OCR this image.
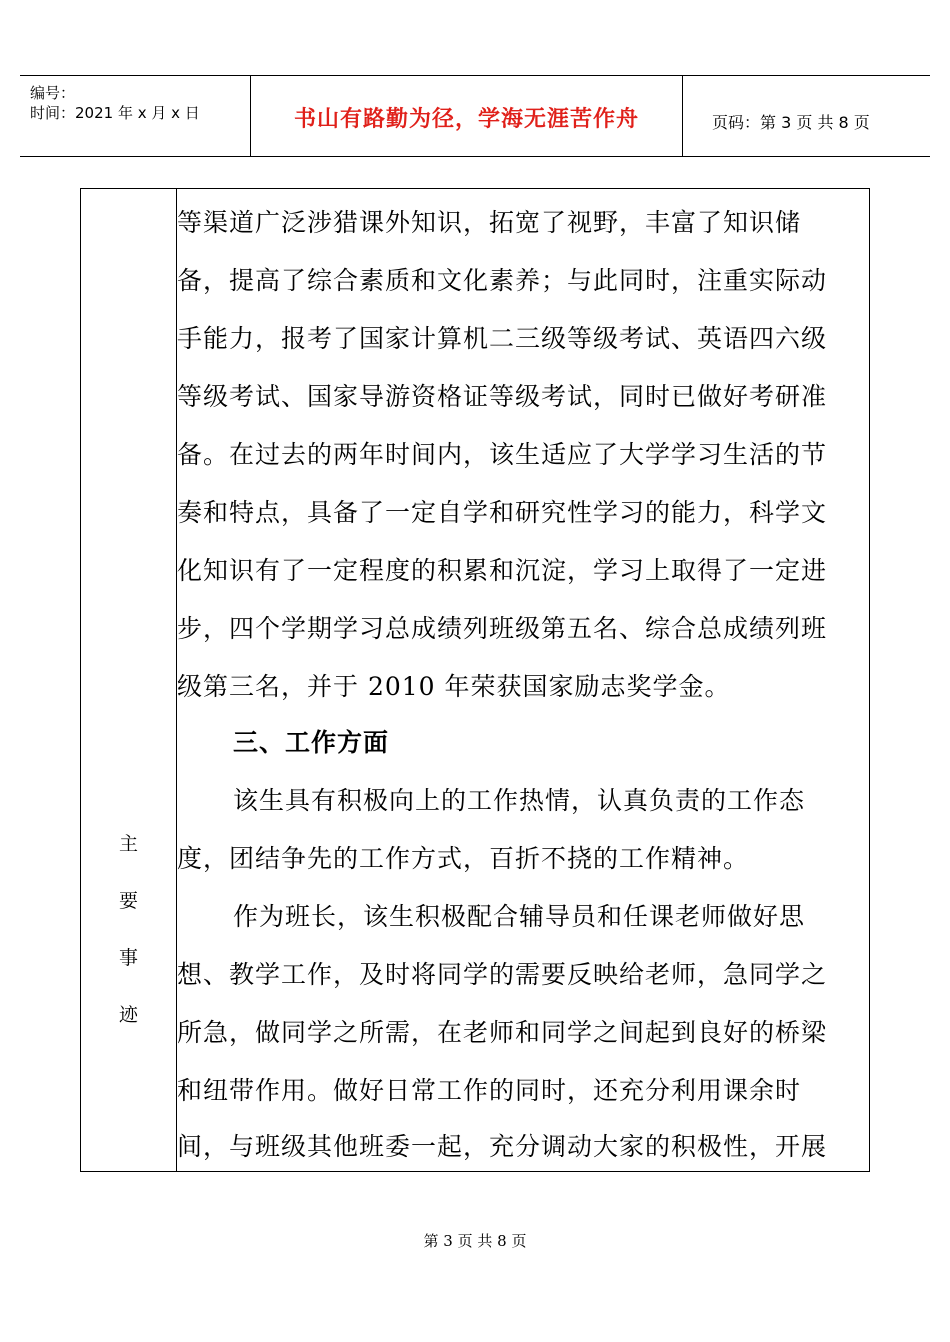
编号：
时间：2021 年 x 月 x 日	书山有路勤为径，学海无涯苦作舟	页码：第 3 页 共 8 页
主
要
事
迹
等渠道广泛涉猎课外知识，拓宽了视野，丰富了知识储
备，提高了综合素质和文化素养；与此同时，注重实际动
手能力，报考了国家计算机二三级等级考试、英语四六级
等级考试、国家导游资格证等级考试，同时已做好考研准
备。在过去的两年时间内，该生适应了大学学习生活的节
奏和特点，具备了一定自学和研究性学习的能力，科学文
化知识有了一定程度的积累和沉淀，学习上取得了一定进
步，四个学期学习总成绩列班级第五名、综合总成绩列班
级第三名，并于 2010 年荣获国家励志奖学金。
三、工作方面
该生具有积极向上的工作热情，认真负责的工作态
度，团结争先的工作方式，百折不挠的工作精神。
作为班长，该生积极配合辅导员和任课老师做好思
想、教学工作，及时将同学的需要反映给老师，急同学之
所急，做同学之所需，在老师和同学之间起到良好的桥梁
和纽带作用。做好日常工作的同时，还充分利用课余时
间，与班级其他班委一起，充分调动大家的积极性，开展
第 3 页 共 8 页
